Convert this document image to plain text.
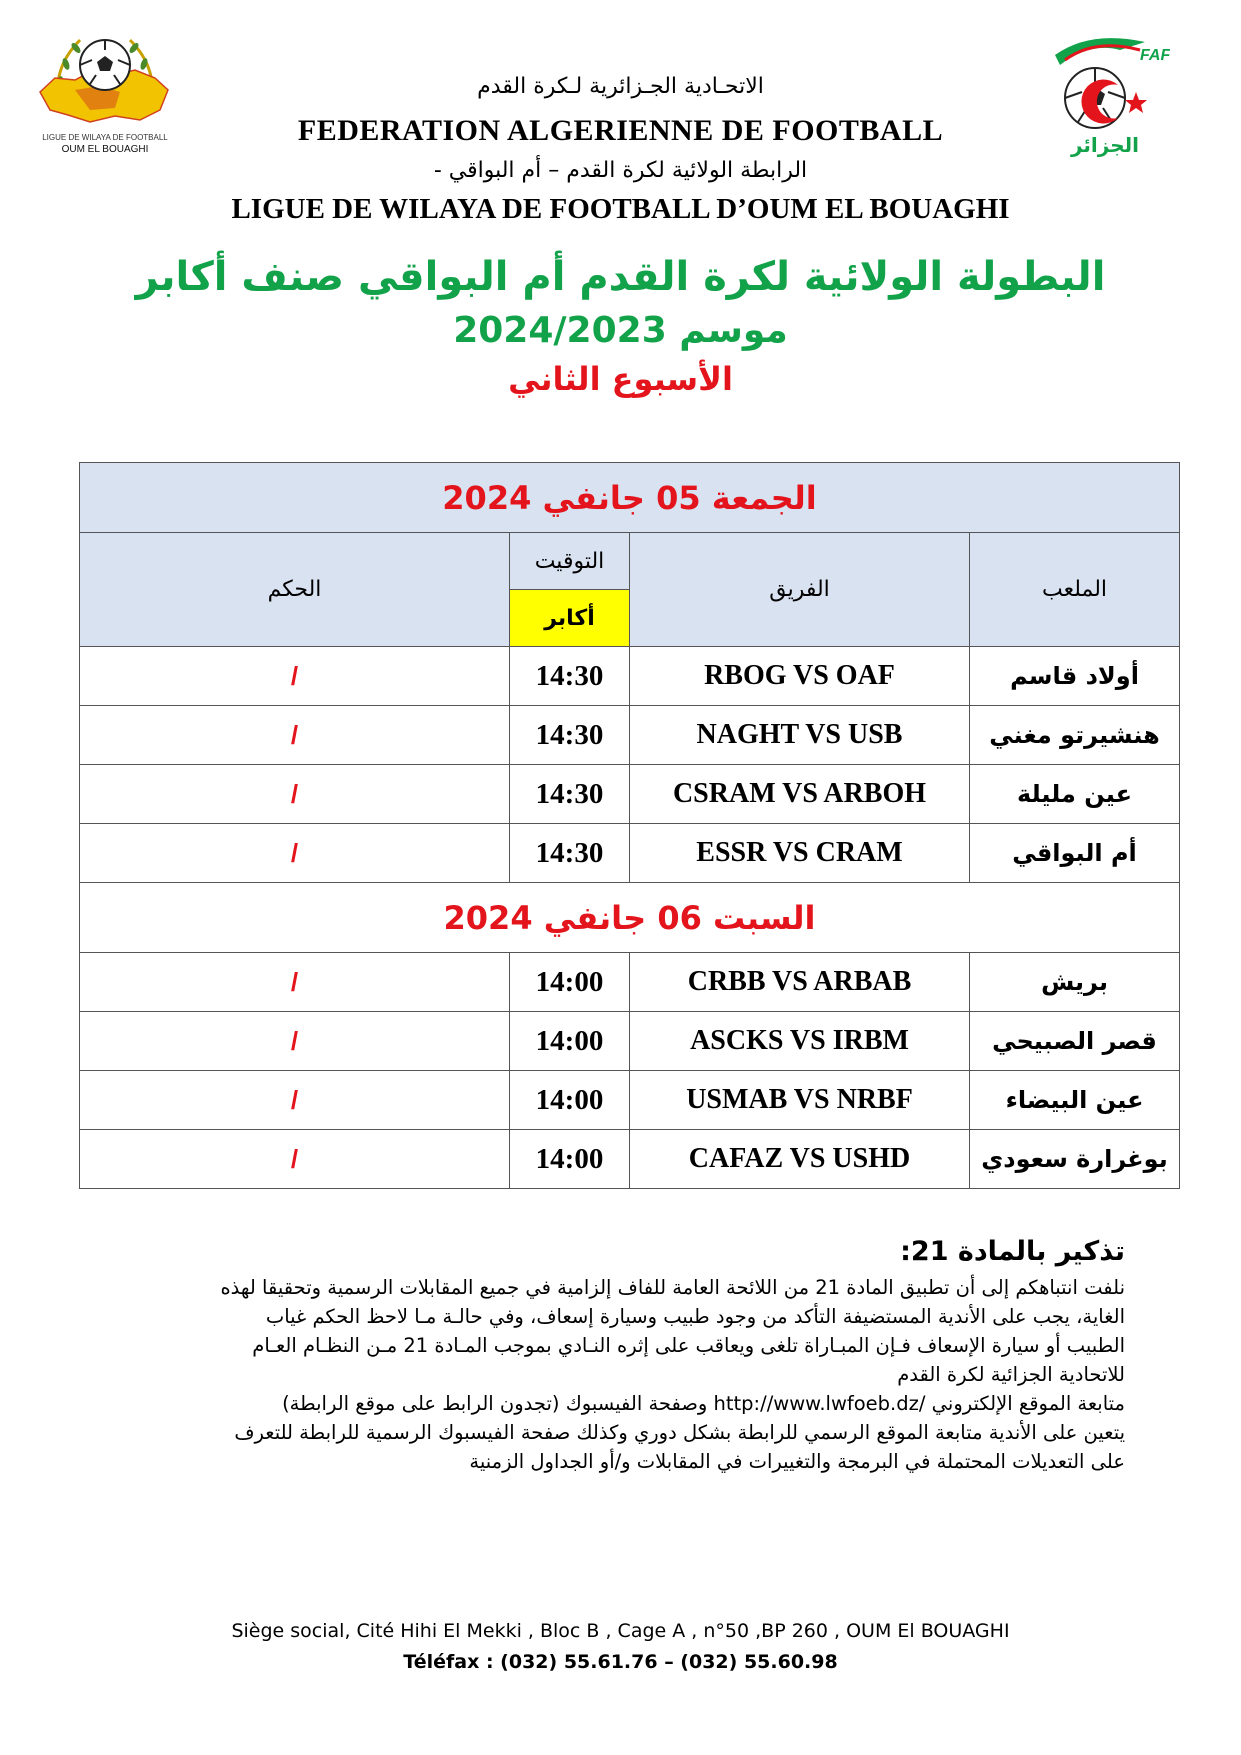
LIGUE DE WILAYA DE FOOTBALL
OUM EL BOUAGHI
FAF
الجزائر
الاتحـادية الجـزائرية لـكرة القدم
FEDERATION ALGERIENNE DE FOOTBALL
الرابطة الولائية لكرة القدم – أم البواقي -
LIGUE DE WILAYA DE FOOTBALL D’OUM EL BOUAGHI
البطولة الولائية لكرة القدم أم البواقي صنف أكابر
موسم 2024/2023
الأسبوع الثاني
الجمعة 05 جانفي 2024			
الحكم	التوقيت	الفريق	الملعب
	أكابر		
/	14:30	RBOG VS OAF	أولاد قاسم
/	14:30	NAGHT VS USB	هنشيرتو مغني
/	14:30	CSRAM VS ARBOH	عين مليلة
/	14:30	ESSR VS CRAM	أم البواقي
السبت 06 جانفي 2024			
/	14:00	CRBB VS ARBAB	بريش
/	14:00	ASCKS VS IRBM	قصر الصبيحي
/	14:00	USMAB VS NRBF	عين البيضاء
/	14:00	CAFAZ VS USHD	بوغرارة سعودي
تذكير بالمادة 21:
نلفت انتباهكم إلى أن تطبيق المادة 21 من اللائحة العامة للفاف إلزامية في جميع المقابلات الرسمية وتحقيقا لهذه
الغاية، يجب على الأندية المستضيفة التأكد من وجود طبيب وسيارة إسعاف، وفي حالـة مـا لاحظ الحكم غياب
الطبيب أو سيارة الإسعاف فـإن المبـاراة تلغى ويعاقب على إثره النـادي بموجب المـادة 21 مـن النظـام العـام
للاتحادية الجزائية لكرة القدم
متابعة الموقع الإلكتروني /http://www.lwfoeb.dz وصفحة الفيسبوك (تجدون الرابط على موقع الرابطة)
يتعين على الأندية متابعة الموقع الرسمي للرابطة بشكل دوري وكذلك صفحة الفيسبوك الرسمية للرابطة للتعرف
على التعديلات المحتملة في البرمجة والتغييرات في المقابلات و/أو الجداول الزمنية
Siège social, Cité Hihi El Mekki , Bloc B , Cage A , n°50 ,BP 260 , OUM El BOUAGHI
Téléfax : (032) 55.61.76 – (032) 55.60.98
